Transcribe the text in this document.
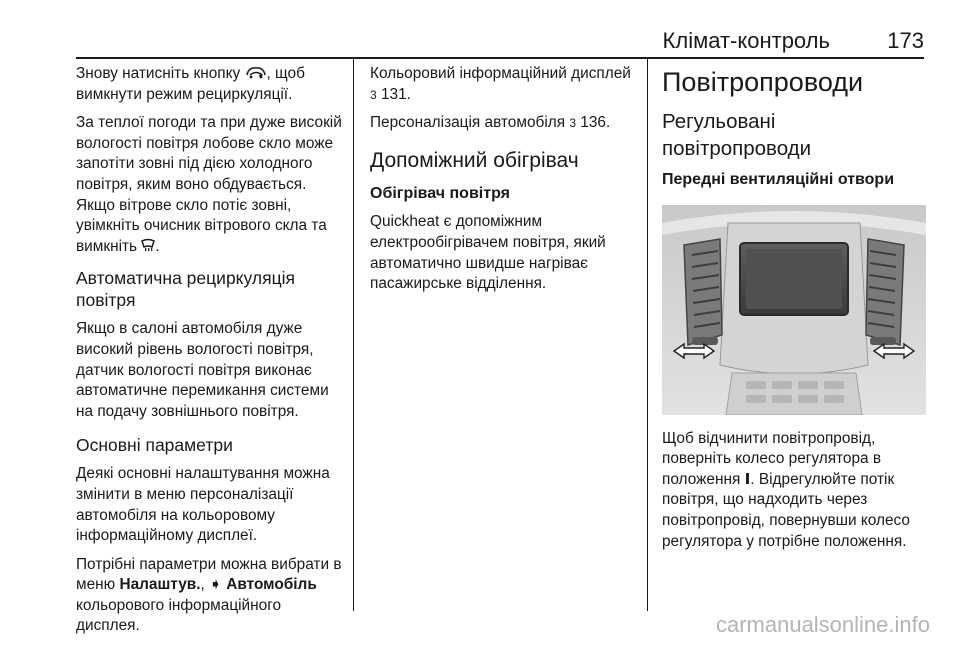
Клімат-контроль	173

Знову натисніть кнопку , щоб вимкнути режим рециркуляції.

За теплої погоди та при дуже високій вологості повітря лобове скло може запотіти зовні під дією холодного повітря, яким воно обдувається. Якщо вітрове скло потіє зовні, увімкніть очисник вітрового скла та вимкніть .

Автоматична рециркуляція повітря

Якщо в салоні автомобіля дуже високий рівень вологості повітря, датчик вологості повітря виконає автоматичне перемикання системи на подачу зовнішнього повітря.

Основні параметри

Деякі основні налаштування можна змінити в меню персоналізації автомобіля на кольоровому інформаційному дисплеї.

Потрібні параметри можна вибрати в меню Налаштув., ➧ Автомобіль кольорового інформаційного дисплея.

Кольоровий інформаційний дисплей 3 131.

Персоналізація автомобіля 3 136.

Допоміжний обігрівач
Обігрівач повітря

Quickheat є допоміжним електрообігрівачем повітря, який автоматично швидше нагріває пасажирське відділення.

Повітропроводи
Регульовані повітропроводи
Передні вентиляційні отвори

Щоб відчинити повітропровід, поверніть колесо регулятора в положення Ⅰ. Відрегулюйте потік повітря, що надходить через повітропровід, повернувши колесо регулятора у потрібне положення.

carmanualsonline.info
